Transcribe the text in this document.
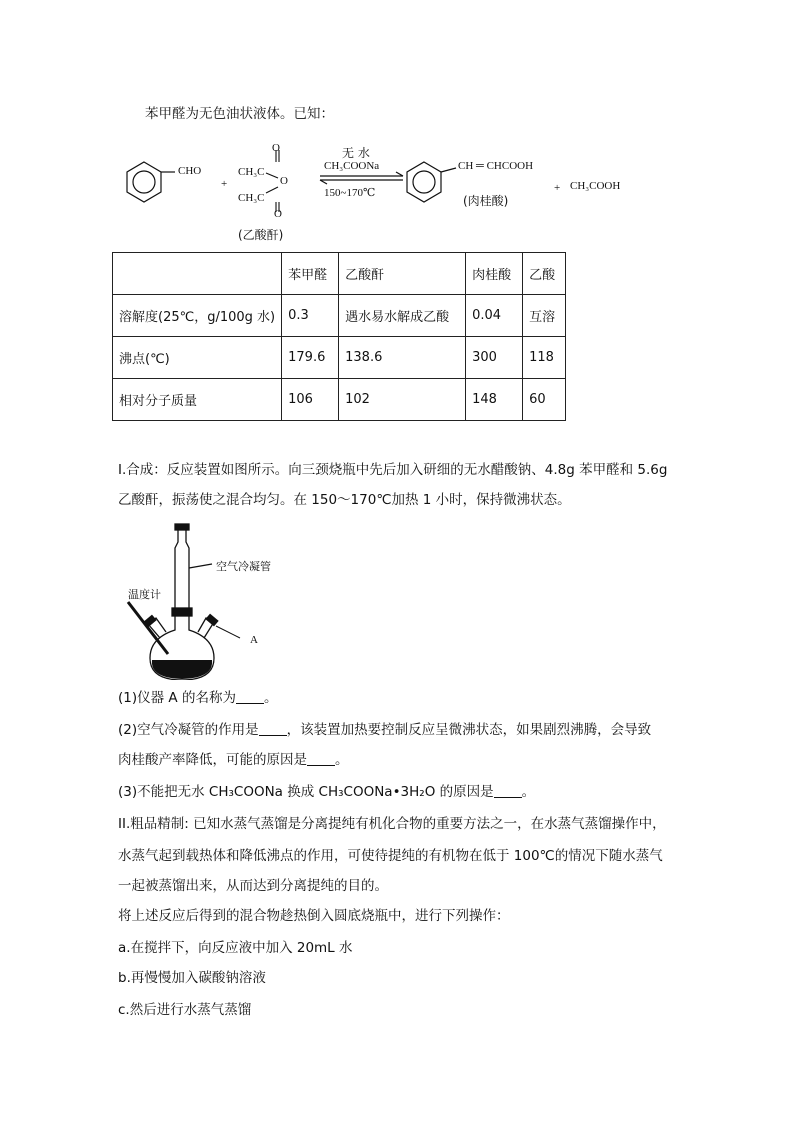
苯甲醛为无色油状液体。已知：
CHO
+
O
CH₃C
O
CH₃C
O
(乙酸酐)
无 水
CH₃COONa
150~170℃
CH ═ CHCOOH
(肉桂酸)
+ CH₃COOH
	苯甲醛	乙酸酐	肉桂酸	乙酸
溶解度(25℃，g/100g 水)	0.3	遇水易水解成乙酸	0.04	互溶
沸点(℃)	179.6	138.6	300	118
相对分子质量	106	102	148	60
I.合成：反应装置如图所示。向三颈烧瓶中先后加入研细的无水醋酸钠、4.8g 苯甲醛和 5.6g
乙酸酐，振荡使之混合均匀。在 150～170℃加热 1 小时，保持微沸状态。
空气冷凝管
温度计
A
(1)仪器 A 的名称为 。
(2)空气冷凝管的作用是 ，该装置加热要控制反应呈微沸状态，如果剧烈沸腾，会导致
肉桂酸产率降低，可能的原因是 。
(3)不能把无水 CH₃COONa 换成 CH₃COONa•3H₂O 的原因是 。
II.粗品精制: 已知水蒸气蒸馏是分离提纯有机化合物的重要方法之一，在水蒸气蒸馏操作中，
水蒸气起到载热体和降低沸点的作用，可使待提纯的有机物在低于 100℃的情况下随水蒸气
一起被蒸馏出来，从而达到分离提纯的目的。
将上述反应后得到的混合物趁热倒入圆底烧瓶中，进行下列操作：
a.在搅拌下，向反应液中加入 20mL 水
b.再慢慢加入碳酸钠溶液
c.然后进行水蒸气蒸馏
